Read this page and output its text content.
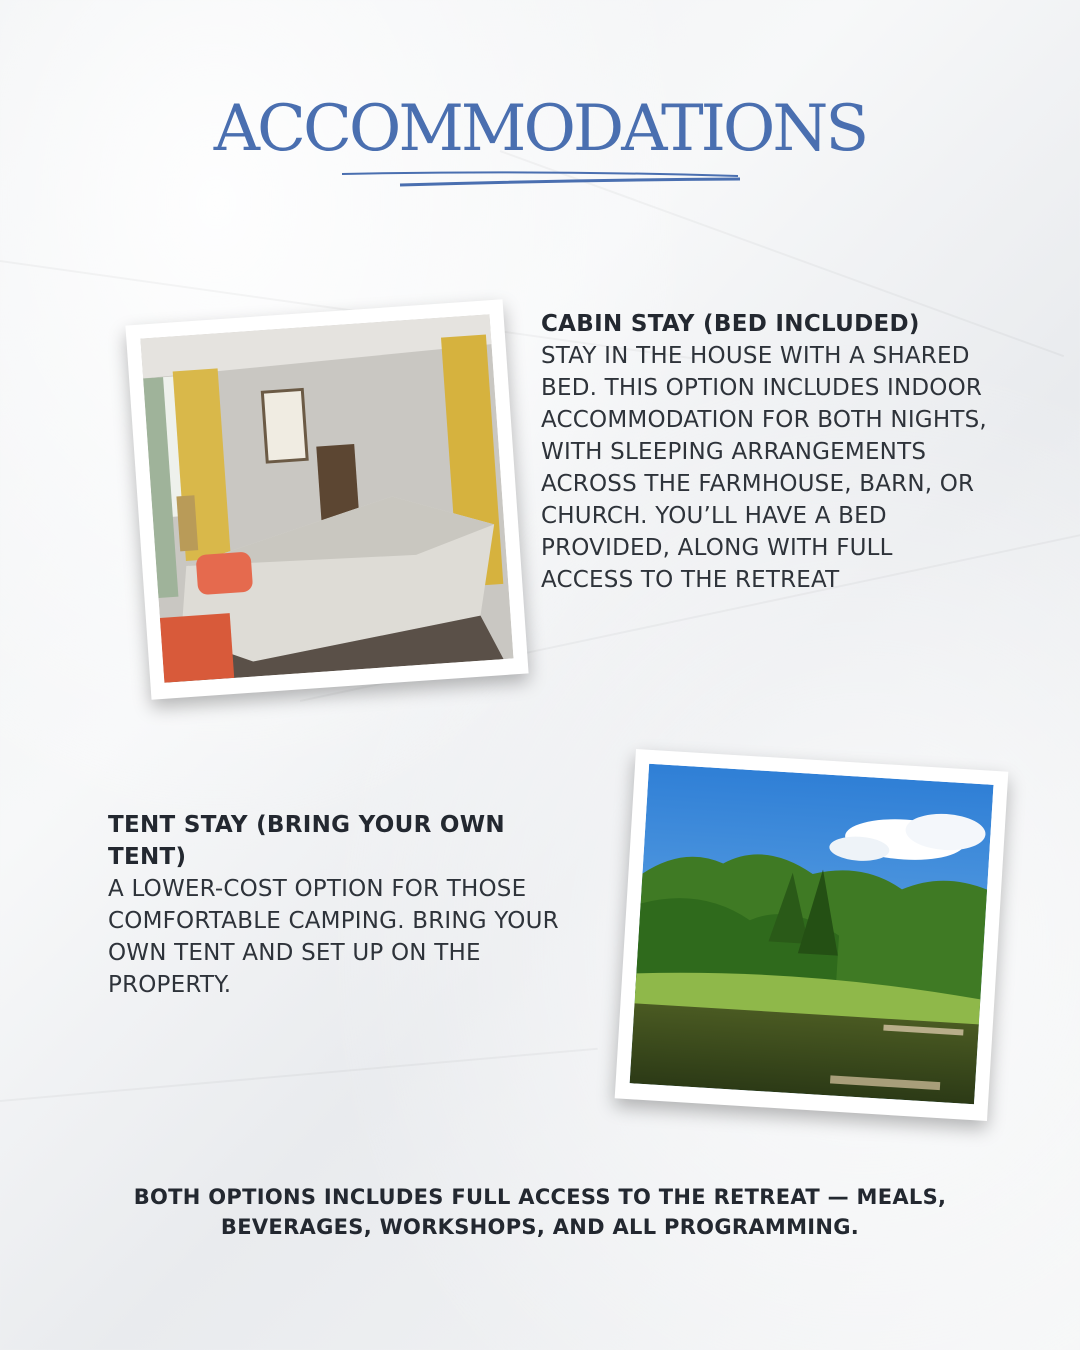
ACCOMMODATIONS
CABIN STAY (BED INCLUDED)

STAY IN THE HOUSE WITH A SHARED BED. THIS OPTION INCLUDES INDOOR ACCOMMODATION FOR BOTH NIGHTS, WITH SLEEPING ARRANGEMENTS ACROSS THE FARMHOUSE, BARN, OR CHURCH. YOU’LL HAVE A BED PROVIDED, ALONG WITH FULL ACCESS TO THE RETREAT

TENT STAY (BRING YOUR OWN TENT)

A LOWER-COST OPTION FOR THOSE COMFORTABLE CAMPING. BRING YOUR OWN TENT AND SET UP ON THE PROPERTY.

BOTH OPTIONS INCLUDES FULL ACCESS TO THE RETREAT — MEALS, BEVERAGES, WORKSHOPS, AND ALL PROGRAMMING.
